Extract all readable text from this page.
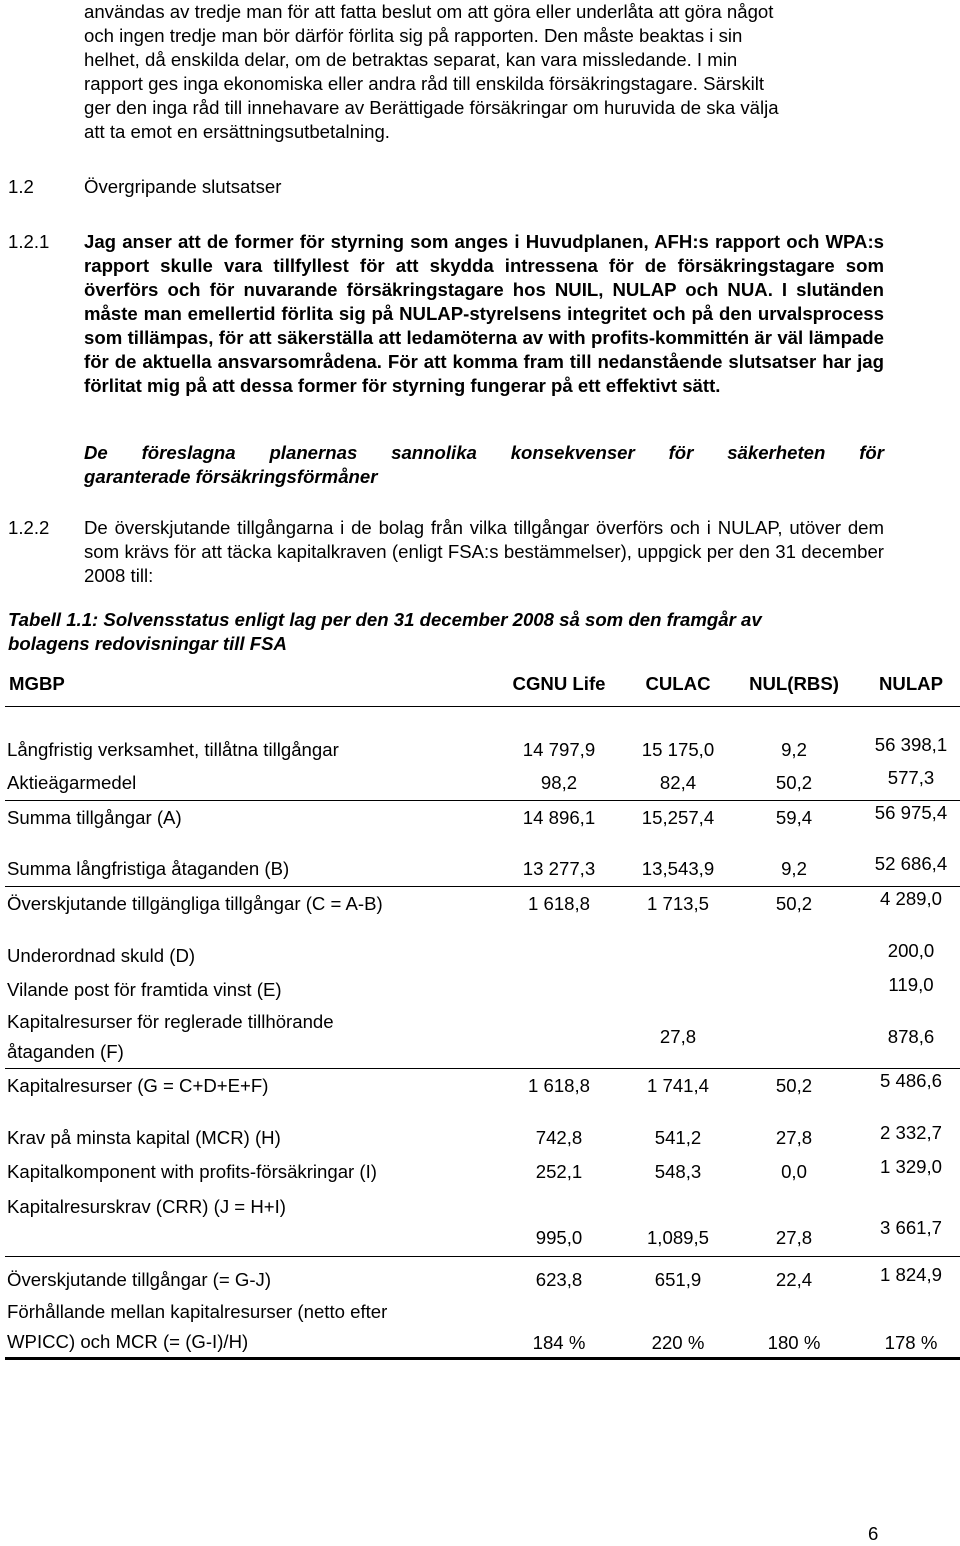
användas av tredje man för att fatta beslut om att göra eller underlåta att göra något

och ingen tredje man bör därför förlita sig på rapporten. Den måste beaktas i sin

helhet, då enskilda delar, om de betraktas separat, kan vara missledande. I min

rapport ges inga ekonomiska eller andra råd till enskilda försäkringstagare. Särskilt

ger den inga råd till innehavare av Berättigade försäkringar om huruvida de ska välja

att ta emot en ersättningsutbetalning.

1.2	Övergripande slutsatser
1.2.1 Jag anser att de former för styrning som anges i Huvudplanen, AFH:s rapport och WPA:s rapport skulle vara tillfyllest för att skydda intressena för de försäkringstagare som överförs och för nuvarande försäkringstagare hos NUIL, NULAP och NUA. I slutänden måste man emellertid förlita sig på NULAP-styrelsens integritet och på den urvalsprocess som tillämpas, för att säkerställa att ledamöterna av with profits-kommittén är väl lämpade för de aktuella ansvarsområdena. För att komma fram till nedanstående slutsatser har jag förlitat mig på att dessa former för styrning fungerar på ett effektivt sätt.
De föreslagna planernas sannolika konsekvenser för säkerheten för
garanterade försäkringsförmåner
1.2.2 De överskjutande tillgångarna i de bolag från vilka tillgångar överförs och i NULAP, utöver dem som krävs för att täcka kapitalkraven (enligt FSA:s bestämmelser), uppgick per den 31 december 2008 till:
Tabell 1.1: Solvensstatus enligt lag per den 31 december 2008 så som den framgår av
bolagens redovisningar till FSA
MGBP	CGNU Life	CULAC	NUL(RBS)	NULAP
Långfristig verksamhet, tillåtna tillgångar	14 797,9	15 175,0	9,2	56 398,1
Aktieägarmedel	98,2	82,4	50,2	577,3
Summa tillgångar (A)	14 896,1	15,257,4	59,4	56 975,4

Summa långfristiga åtaganden (B)	13 277,3	13,543,9	9,2	52 686,4
Överskjutande tillgängliga tillgångar (C = A-B)	1 618,8	1 713,5	50,2	4 289,0

Underordnad skuld (D)				200,0
Vilande post för framtida vinst (E)				119,0

Kapitalresurser för reglerade tillhörande
åtaganden (F)		27,8		878,6
Kapitalresurser (G = C+D+E+F)	1 618,8	1 741,4	50,2	5 486,6

Krav på minsta kapital (MCR) (H)	742,8	541,2	27,8	2 332,7
Kapitalkomponent with profits-försäkringar (I)	252,1	548,3	0,0	1 329,0
Kapitalresurskrav (CRR) (J = H+I)	995,0	1,089,5	27,8	3 661,7
Överskjutande tillgångar (= G-J)	623,8	651,9	22,4	1 824,9

Förhållande mellan kapitalresurser (netto efter
WPICC) och MCR (= (G-I)/H)	184 %	220 %	180 %	178 %
6
